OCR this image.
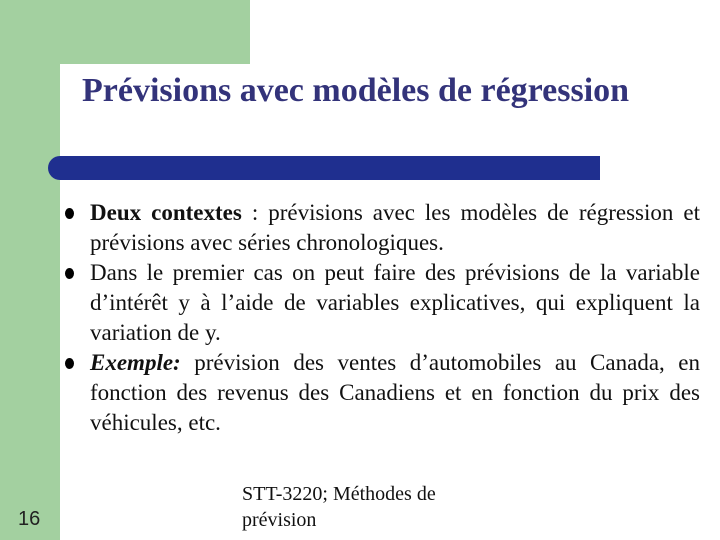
Prévisions avec modèles de régression
Deux contextes : prévisions avec les modèles de régression et prévisions avec séries chronologiques.
Dans le premier cas on peut faire des prévisions de la variable d’intérêt y à l’aide de variables explicatives, qui expliquent la variation de y.
Exemple: prévision des ventes d’automobiles au Canada, en fonction des revenus des Canadiens et en fonction du prix des véhicules, etc.
16
STT-3220; Méthodes de prévision
